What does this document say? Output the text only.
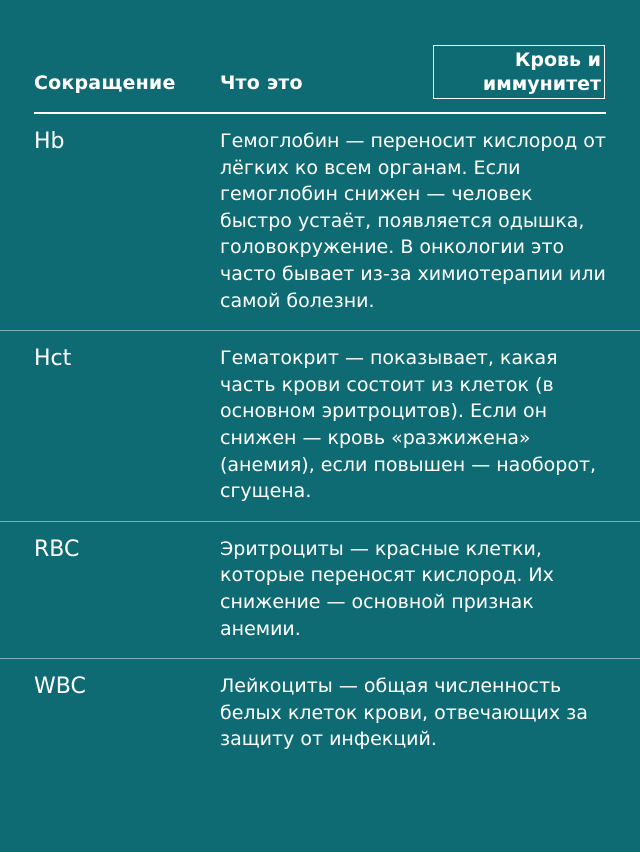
Сокращение Что это
Кровь и
иммунитет
Hb	Гемоглобин — переносит кислород от лёгких ко всем органам. Если гемоглобин снижен — человек быстро устаёт, появляется одышка, головокружение. В онкологии это часто бывает из-за химиотерапии или самой болезни.
Hct	Гематокрит — показывает, какая часть крови состоит из клеток (в основном эритроцитов). Если он снижен — кровь «разжижена» (анемия), если повышен — наоборот, сгущена.
RBC	Эритроциты — красные клетки, которые переносят кислород. Их снижение — основной признак анемии.
WBC	Лейкоциты — общая численность белых клеток крови, отвечающих за защиту от инфекций.
